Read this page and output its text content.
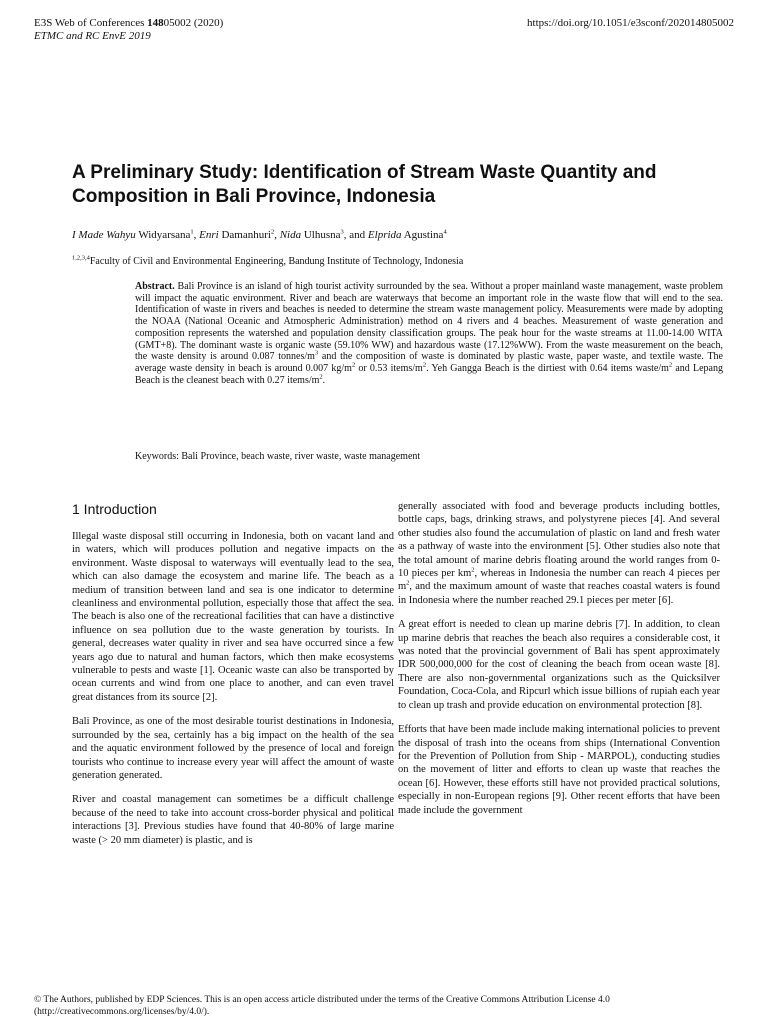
E3S Web of Conferences 14805002 (2020)
ETMC and RC EnvE 2019
https://doi.org/10.1051/e3sconf/202014805002
A Preliminary Study: Identification of Stream Waste Quantity and Composition in Bali Province, Indonesia
I Made Wahyu Widyarsana$^1$, Enri Damanhuri$^2$, Nida Ulhusna$^3$, and Elprida Agustina$^4$
$^{1,2,3,4}$Faculty of Civil and Environmental Engineering, Bandung Institute of Technology, Indonesia

Abstract. Bali Province is an island of high tourist activity surrounded by the sea. Without a proper mainland waste management, waste problem will impact the aquatic environment. River and beach are waterways that become an important role in the waste flow that will end to the sea. Identification of waste in rivers and beaches is needed to determine the stream waste management policy. Measurements were made by adopting the NOAA (National Oceanic and Atmospheric Administration) method on 4 rivers and 4 beaches. Measurement of waste generation and composition represents the watershed and population density classification groups. The peak hour for the waste streams at 11.00-14.00 WITA (GMT+8). The dominant waste is organic waste (59.10% WW) and hazardous waste (17.12%WW). From the waste measurement on the beach, the waste density is around 0.087 tonnes/$m^3$ and the composition of waste is dominated by plastic waste, paper waste, and textile waste. The average waste density in beach is around 0.007 $kg/m^2$ or 0.53 items/$m^2$. Yeh Gangga Beach is the dirtiest with 0.64 items waste/$m^2$ and Lepang Beach is the cleanest beach with 0.27 items/$m^2$.

Keywords: Bali Province, beach waste, river waste, waste management
1 Introduction

Illegal waste disposal still occurring in Indonesia, both on vacant land and in waters, which will produces pollution and negative impacts on the environment. Waste disposal to waterways will eventually lead to the sea, which can also damage the ecosystem and marine life. The beach as a medium of transition between land and sea is one indicator to determine cleanliness and environmental pollution, especially those that affect the sea. The beach is also one of the recreational facilities that can have a distinctive influence on sea pollution due to the waste generation by tourists. In general, decreases water quality in river and sea have occurred since a few years ago due to natural and human factors, which then make ecosystems vulnerable to pests and waste [1]. Oceanic waste can also be transported by ocean currents and wind from one place to another, and can even travel great distances from its source [2].

Bali Province, as one of the most desirable tourist destinations in Indonesia, surrounded by the sea, certainly has a big impact on the health of the sea and the aquatic environment followed by the presence of local and foreign tourists who continue to increase every year will affect the amount of waste generation generated.

River and coastal management can sometimes be a difficult challenge because of the need to take into account cross-border physical and political interactions [3]. Previous studies have found that 40-80% of large marine waste (> 20 mm diameter) is plastic, and is

generally associated with food and beverage products including bottles, bottle caps, bags, drinking straws, and polystyrene pieces [4]. And several other studies also found the accumulation of plastic on land and fresh water as a pathway of waste into the environment [5]. Other studies also note that the total amount of marine debris floating around the world ranges from 0-10 pieces per $km^2$, whereas in Indonesia the number can reach 4 pieces per $m^2$, and the maximum amount of waste that reaches coastal waters is found in Indonesia where the number reached 29.1 pieces per meter [6].

A great effort is needed to clean up marine debris [7]. In addition, to clean up marine debris that reaches the beach also requires a considerable cost, it was noted that the provincial government of Bali has spent approximately IDR 500,000,000 for the cost of cleaning the beach from ocean waste [8]. There are also non-governmental organizations such as the Quicksilver Foundation, Coca-Cola, and Ripcurl which issue billions of rupiah each year to clean up trash and provide education on environmental protection [8].

Efforts that have been made include making international policies to prevent the disposal of trash into the oceans from ships (International Convention for the Prevention of Pollution from Ship - MARPOL), conducting studies on the movement of litter and efforts to clean up waste that reaches the ocean [6]. However, these efforts still have not provided practical solutions, especially in non-European regions [9]. Other recent efforts that have been made include the government

© The Authors, published by EDP Sciences. This is an open access article distributed under the terms of the Creative Commons Attribution License 4.0 (http://creativecommons.org/licenses/by/4.0/).
